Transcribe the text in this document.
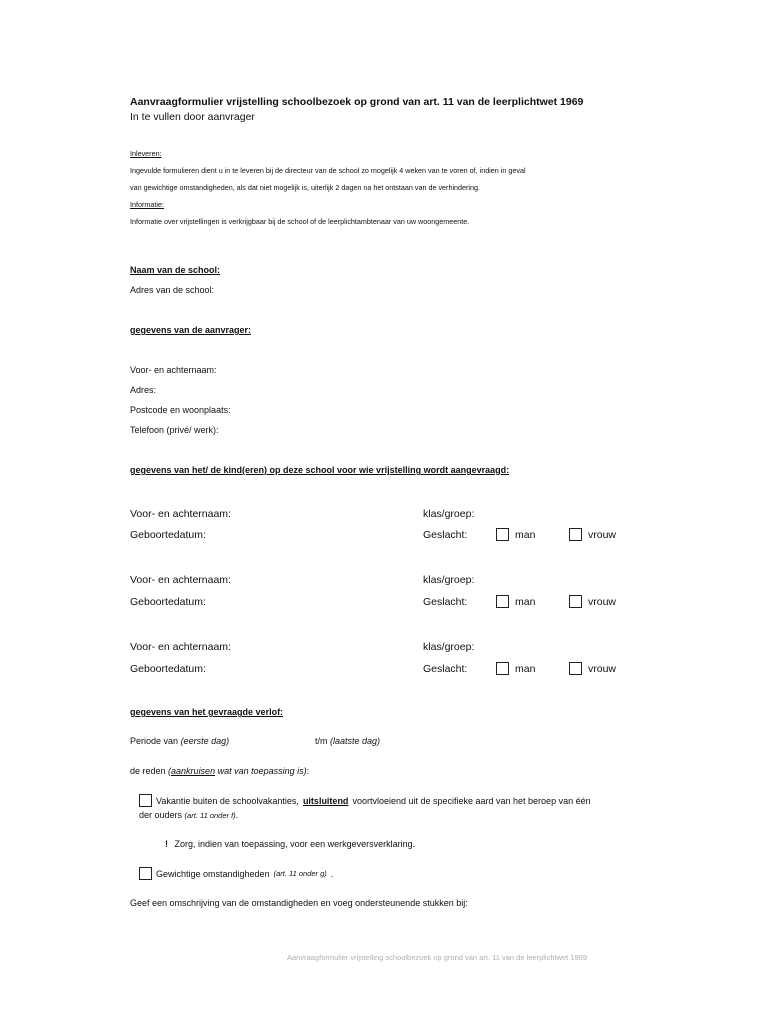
Aanvraagformulier vrijstelling schoolbezoek op grond van art. 11 van de leerplichtwet 1969
In te vullen door aanvrager
Inleveren:
Ingevulde formulieren dient u in te leveren bij de directeur van de school zo mogelijk 4 weken van te voren of, indien in geval
van gewichtige omstandigheden, als dat niet mogelijk is, uiterlijk 2 dagen na het ontstaan van de verhindering.
Informatie:
Informatie over vrijstellingen is verkrijgbaar bij de school of de leerplichtambtenaar van uw woongemeente.
Naam van de school:
Adres van de school:
gegevens van de aanvrager:
Voor- en achternaam:
Adres:
Postcode en woonplaats:
Telefoon (privé/ werk):
gegevens van het/ de kind(eren) op deze school voor wie vrijstelling wordt aangevraagd:
Voor- en achternaam:	klas/groep:
Geboortedatum:	Geslacht:	man	vrouw
Voor- en achternaam:	klas/groep:
Geboortedatum:	Geslacht:	man	vrouw
Voor- en achternaam:	klas/groep:
Geboortedatum:	Geslacht:	man	vrouw
gegevens van het gevraagde verlof:
Periode van (eerste dag)	t/m (laatste dag)
de reden (aankruisen wat van toepassing is):
Vakantie buiten de schoolvakanties, uitsluitend voortvloeiend uit de specifieke aard van het beroep van één
der ouders (art. 11 onder f).
! Zorg, indien van toepassing, voor een werkgeversverklaring.
Gewichtige omstandigheden (art. 11 onder g) .
Geef een omschrijving van de omstandigheden en voeg ondersteunende stukken bij:
Aanvraagformulier vrijstelling schoolbezoek op grond van art. 11 van de leerplichtwet 1969
